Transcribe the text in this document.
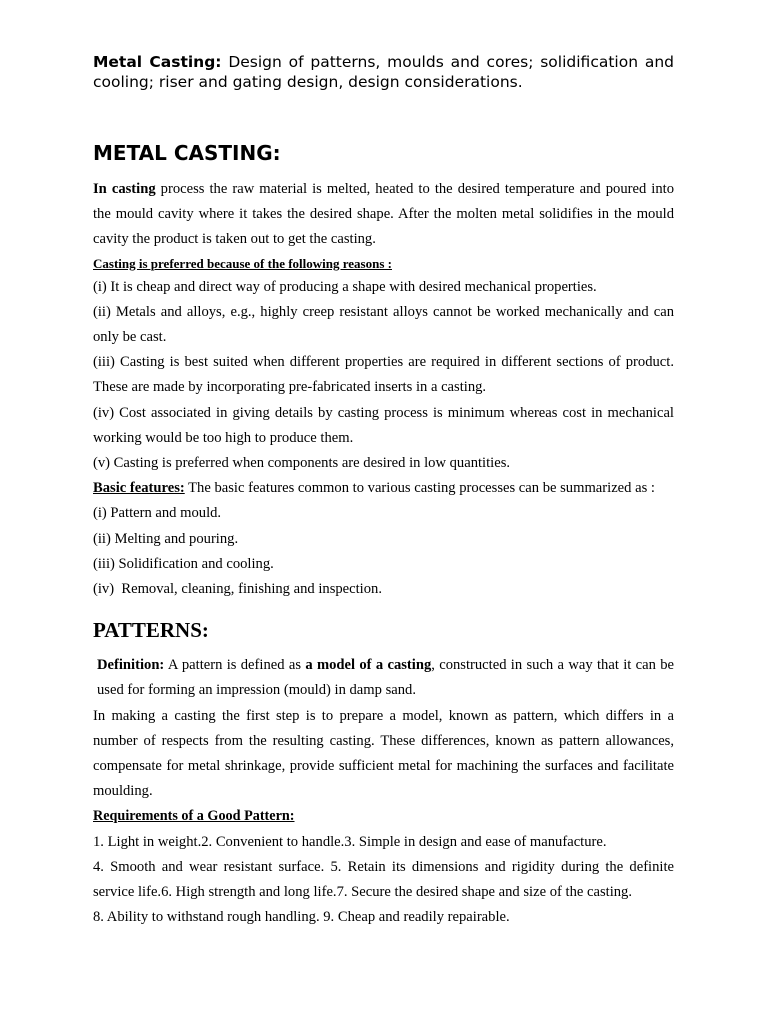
Metal Casting: Design of patterns, moulds and cores; solidification and cooling; riser and gating design, design considerations.

METAL CASTING:

In casting process the raw material is melted, heated to the desired temperature and poured into the mould cavity where it takes the desired shape. After the molten metal solidifies in the mould cavity the product is taken out to get the casting.

Casting is preferred because of the following reasons :

(i) It is cheap and direct way of producing a shape with desired mechanical properties.

(ii) Metals and alloys, e.g., highly creep resistant alloys cannot be worked mechanically and can only be cast.

(iii) Casting is best suited when different properties are required in different sections of product. These are made by incorporating pre-fabricated inserts in a casting.

(iv) Cost associated in giving details by casting process is minimum whereas cost in mechanical working would be too high to produce them.

(v) Casting is preferred when components are desired in low quantities.

Basic features: The basic features common to various casting processes can be summarized as :

(i) Pattern and mould.

(ii) Melting and pouring.

(iii) Solidification and cooling.

(iv)  Removal, cleaning, finishing and inspection.

PATTERNS:

Definition: A pattern is defined as a model of a casting, constructed in such a way that it can be used for forming an impression (mould) in damp sand.

In making a casting the first step is to prepare a model, known as pattern, which differs in a number of respects from the resulting casting. These differences, known as pattern allowances, compensate for metal shrinkage, provide sufficient metal for machining the surfaces and facilitate moulding.

Requirements of a Good Pattern:

1. Light in weight.2. Convenient to handle.3. Simple in design and ease of manufacture.

4. Smooth and wear resistant surface. 5. Retain its dimensions and rigidity during the definite service life.6. High strength and long life.7. Secure the desired shape and size of the casting.

8. Ability to withstand rough handling. 9. Cheap and readily repairable.
